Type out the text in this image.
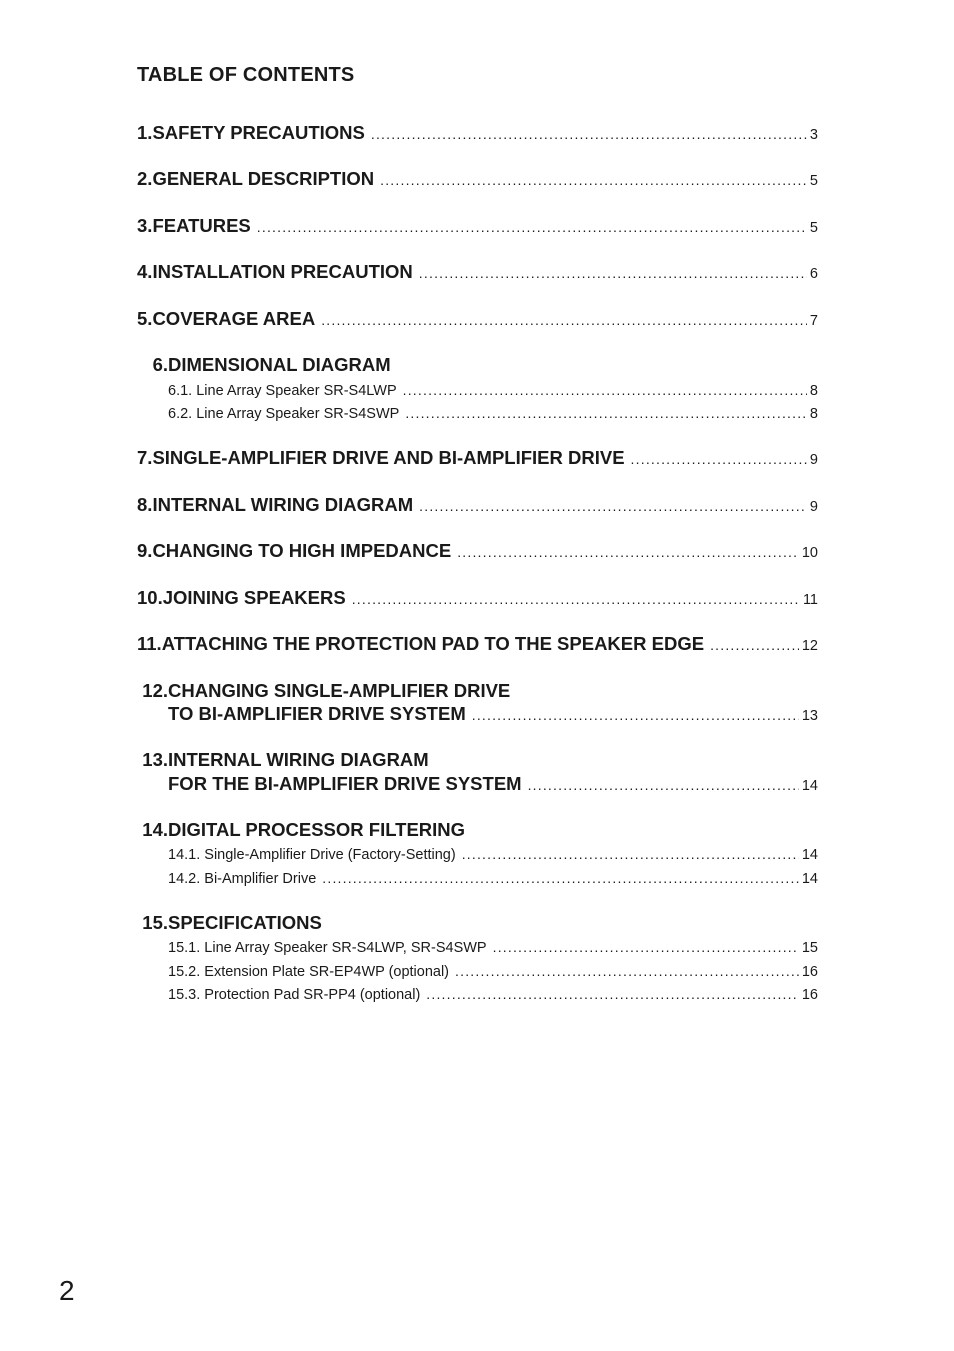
TABLE OF CONTENTS
1. SAFETY PRECAUTIONS .....	3
2. GENERAL DESCRIPTION .....	5
3. FEATURES .....	5
4. INSTALLATION PRECAUTION .....	6
5. COVERAGE AREA .....	7
6. DIMENSIONAL DIAGRAM
6.1. Line Array Speaker SR-S4LWP .....	8
6.2. Line Array Speaker SR-S4SWP .....	8
7. SINGLE-AMPLIFIER DRIVE AND BI-AMPLIFIER DRIVE .....	9
8. INTERNAL WIRING DIAGRAM .....	9
9. CHANGING TO HIGH IMPEDANCE .....	10
10. JOINING SPEAKERS .....	11
11. ATTACHING THE PROTECTION PAD TO THE SPEAKER EDGE .....	12
12. CHANGING SINGLE-AMPLIFIER DRIVE
TO BI-AMPLIFIER DRIVE SYSTEM .....	13
13. INTERNAL WIRING DIAGRAM
FOR THE BI-AMPLIFIER DRIVE SYSTEM .....	14
14. DIGITAL PROCESSOR FILTERING
14.1. Single-Amplifier Drive (Factory-Setting) .....	14
14.2. Bi-Amplifier Drive .....	14
15. SPECIFICATIONS
15.1. Line Array Speaker SR-S4LWP, SR-S4SWP .....	15
15.2. Extension Plate SR-EP4WP (optional) .....	16
15.3. Protection Pad SR-PP4 (optional) .....	16
2
